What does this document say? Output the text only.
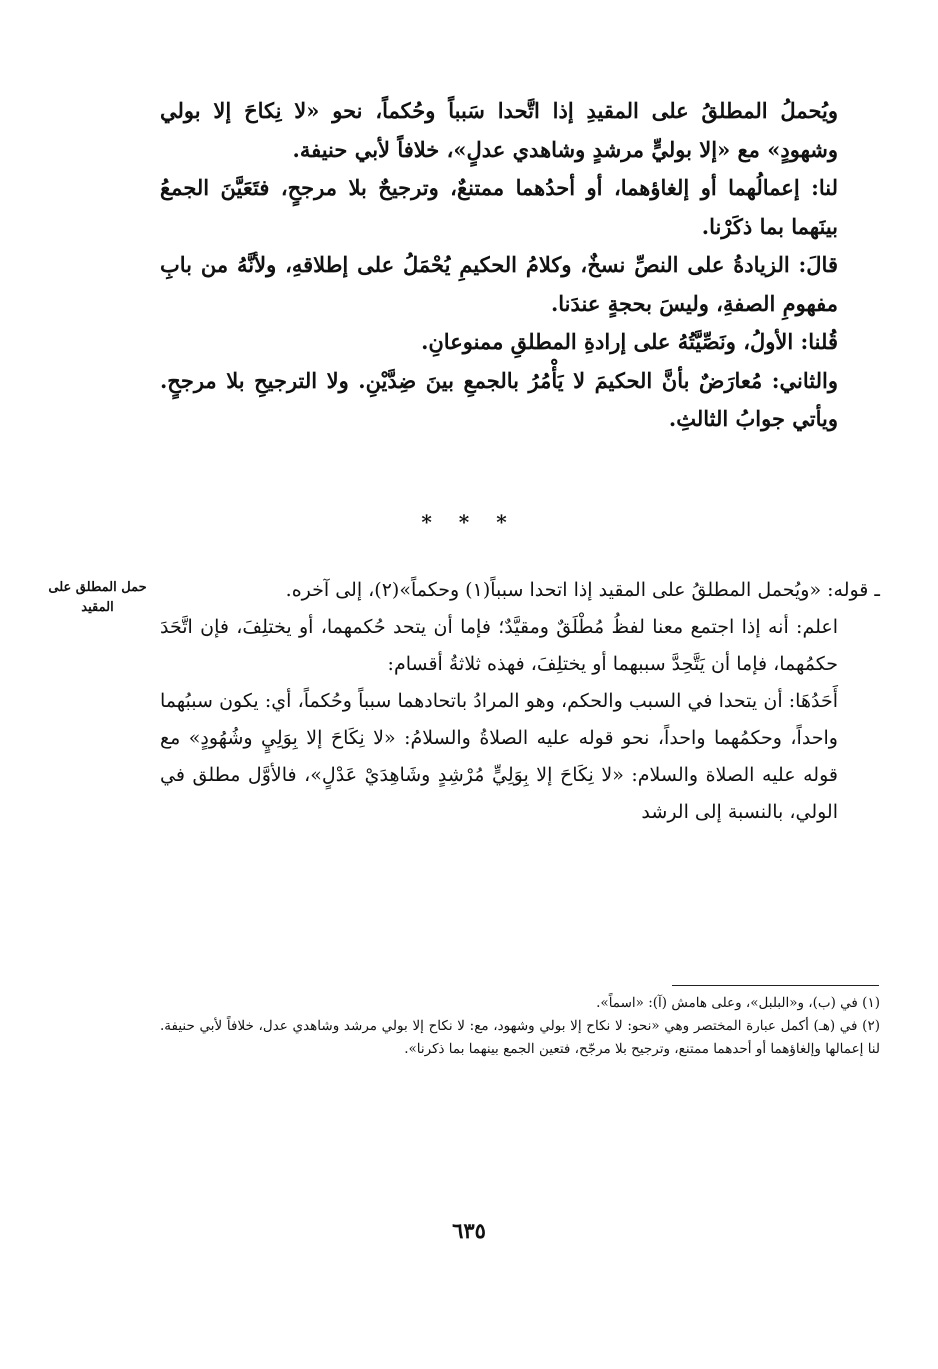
ويُحملُ المطلقُ على المقيدِ إذا اتَّحدا سَبباً وحُكماً، نحو «لا نِكاحَ إلا بولي وشهودٍ» مع «إلا بوليٍّ مرشدٍ وشاهدي عدلٍ»، خلافاً لأبي حنيفة.

لنا: إعمالُهما أو إلغاؤهما، أو أحدُهما ممتنعٌ، وترجيحٌ بلا مرجحٍ، فتَعَيَّنَ الجمعُ بينَهما بما ذكَرْنا.

قالَ: الزيادةُ على النصِّ نسخٌ، وكلامُ الحكيمِ يُحْمَلُ على إطلاقهِ، ولأنَّهُ من بابِ مفهومِ الصفةِ، وليسَ بحجةٍ عندَنا.

قُلنا: الأولُ، ونَصِّيَّتُهُ على إرادةِ المطلقِ ممنوعانِ.

والثاني: مُعارَضٌ بأنَّ الحكيمَ لا يَأْمُرُ بالجمعِ بينَ ضِدَّيْنِ. ولا الترجيحِ بلا مرجحٍ. ويأتي جوابُ الثالثِ.

* * *
حمل المطلق على المقيد

ـ قوله: «ويُحمل المطلقُ على المقيد إذا اتحدا سبباً(١) وحكماً»(٢)، إلى آخره.

اعلم: أنه إذا اجتمع معنا لفظُ مُطْلَقٌ ومقيَّدٌ؛ فإما أن يتحد حُكمهما، أو يختلِفَ، فإن اتَّحَدَ حكمُهما، فإما أن يَتَّحِدَّ سببهما أو يختلِفَ، فهذه ثلاثةُ أقسام:

أَحَدُهَا: أن يتحدا في السبب والحكم، وهو المرادُ باتحادهما سبباً وحُكماً، أي: يكون سببُهما واحداً، وحكمُهما واحداً، نحو قوله عليه الصلاةُ والسلامُ: «لا نِكَاحَ إلا بِوَلِيٍ وشُهُودٍ» مع قوله عليه الصلاة والسلام: «لا نِكَاحَ إلا بِوَلِيٍّ مُرْشِدٍ وشَاهِدَيْ عَدْلٍ»، فالأوَّل مطلق في الولي، بالنسبة إلى الرشد

(١) في (ب)، و«البلبل»، وعلى هامش (آ): «اسماً».

(٢) في (هـ) أكمل عبارة المختصر وهي «نحو: لا نكاح إلا بولي وشهود، مع: لا نكاح إلا بولي مرشد وشاهدي عدل، خلافاً لأبي حنيفة. لنا إعمالها وإلغاؤهما أو أحدهما ممتنع، وترجيح بلا مرجّح، فتعين الجمع بينهما بما ذكرنا».

٦٣٥
